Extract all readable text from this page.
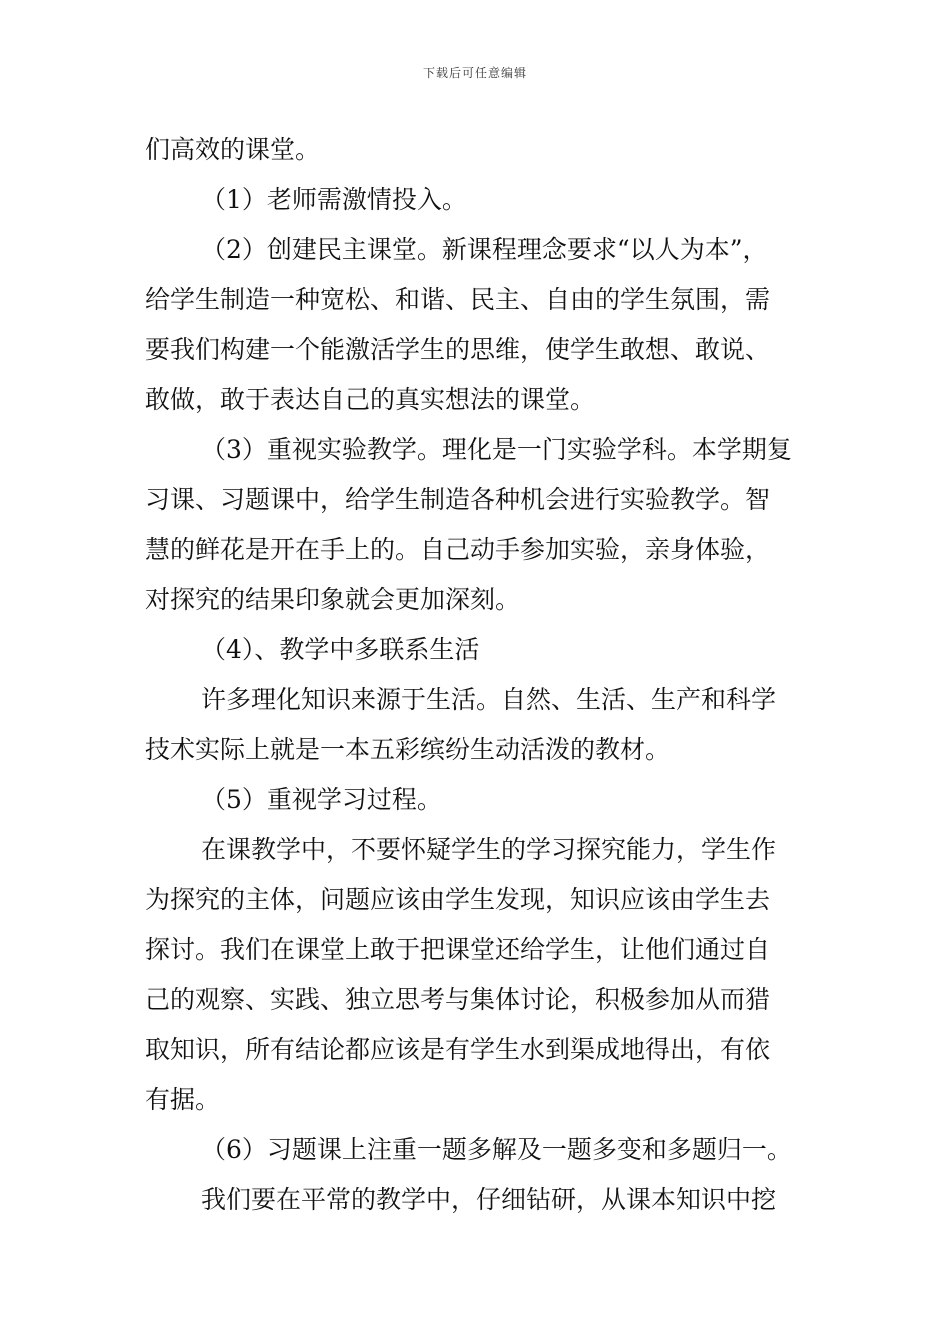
下载后可任意编辑
们高效的课堂。
（1）老师需激情投入。
（2）创建民主课堂。新课程理念要求“以人为本”，
给学生制造一种宽松、和谐、民主、自由的学生氛围，需
要我们构建一个能激活学生的思维，使学生敢想、敢说、
敢做，敢于表达自己的真实想法的课堂。
（3）重视实验教学。理化是一门实验学科。本学期复
习课、习题课中，给学生制造各种机会进行实验教学。智
慧的鲜花是开在手上的。自己动手参加实验，亲身体验，
对探究的结果印象就会更加深刻。
（4）、教学中多联系生活
许多理化知识来源于生活。自然、生活、生产和科学
技术实际上就是一本五彩缤纷生动活泼的教材。
（5）重视学习过程。
在课教学中，不要怀疑学生的学习探究能力，学生作
为探究的主体，问题应该由学生发现，知识应该由学生去
探讨。我们在课堂上敢于把课堂还给学生，让他们通过自
己的观察、实践、独立思考与集体讨论，积极参加从而猎
取知识，所有结论都应该是有学生水到渠成地得出，有依
有据。
（6）习题课上注重一题多解及一题多变和多题归一。
我们要在平常的教学中，仔细钻研，从课本知识中挖
